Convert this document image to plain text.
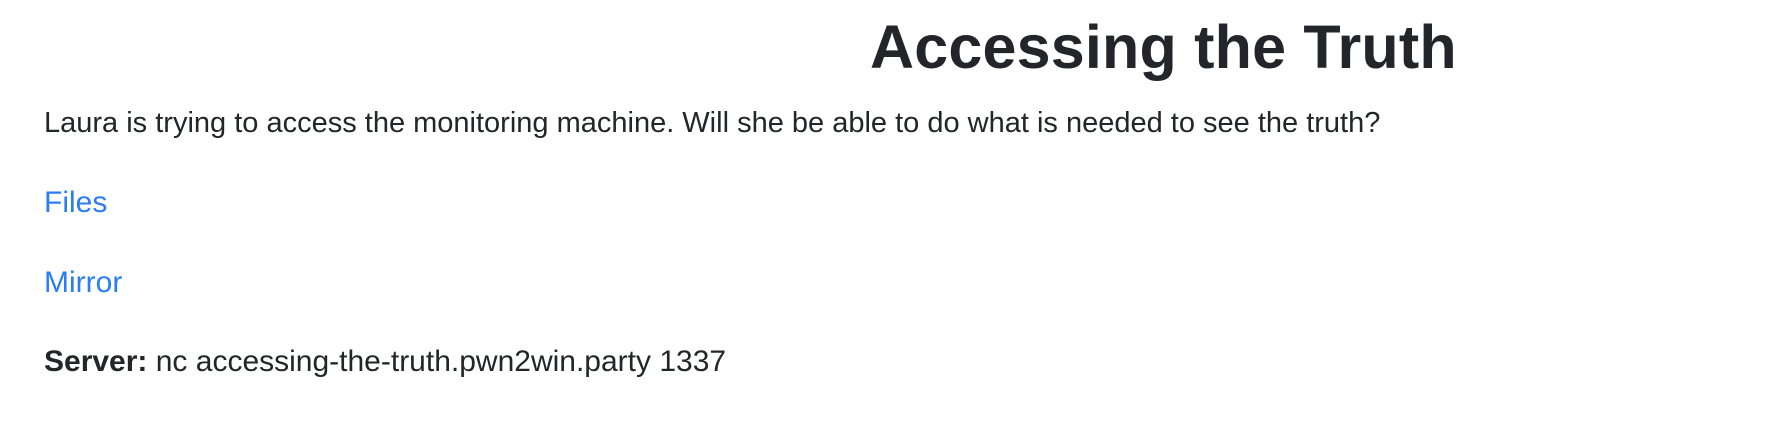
Accessing the Truth

Laura is trying to access the monitoring machine. Will she be able to do what is needed to see the truth?

Files
Mirror

Server: nc accessing-the-truth.pwn2win.party 1337
